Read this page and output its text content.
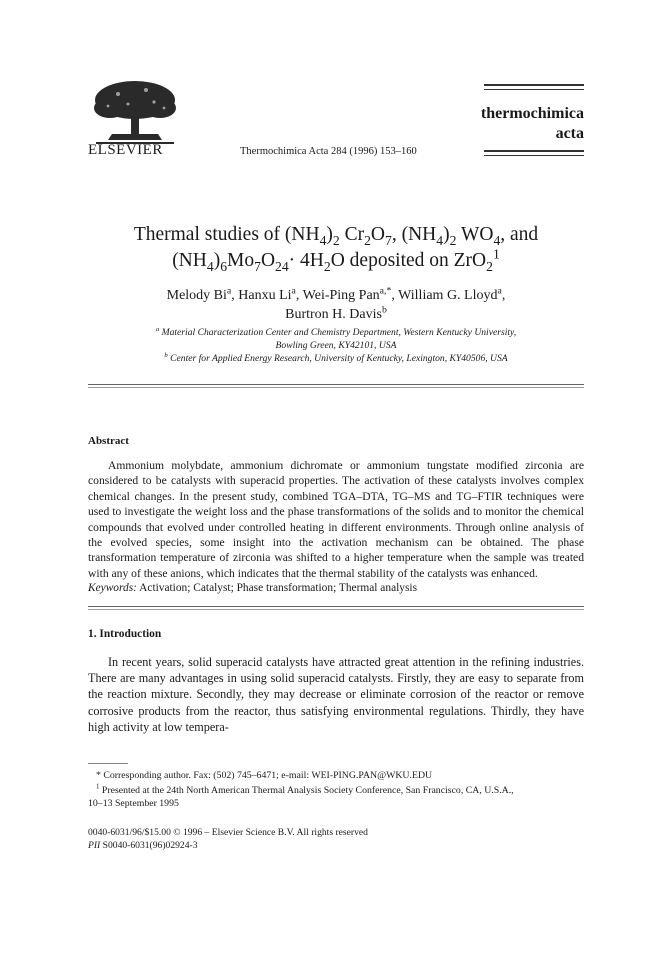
ELSEVIER	Thermochimica Acta 284 (1996) 153–160
thermochimica
acta
Thermal studies of $(NH_4)_2$ $Cr_2O_7$, $(NH_4)_2$ $WO_4$, and
$(NH_4)_6Mo_7O_{24}\cdot 4H_2O$ deposited on ZrO$_2^1$
Melody Bi$^a$, Hanxu Li$^a$, Wei-Ping Pan$^{a,*}$, William G. Lloyd$^a$,
Burtron H. Davis$^b$
$^a$ Material Characterization Center and Chemistry Department, Western Kentucky University,
Bowling Green, KY42101, USA
$^b$ Center for Applied Energy Research, University of Kentucky, Lexington, KY40506, USA
Abstract
Ammonium molybdate, ammonium dichromate or ammonium tungstate modified zirconia are considered to be catalysts with superacid properties. The activation of these catalysts involves complex chemical changes. In the present study, combined TGA–DTA, TG–MS and TG–FTIR techniques were used to investigate the weight loss and the phase transformations of the solids and to monitor the chemical compounds that evolved under controlled heating in different environments. Through online analysis of the evolved species, some insight into the activation mechanism can be obtained. The phase transformation temperature of zirconia was shifted to a higher temperature when the sample was treated with any of these anions, which indicates that the thermal stability of the catalysts was enhanced.
Keywords: Activation; Catalyst; Phase transformation; Thermal analysis
1. Introduction
In recent years, solid superacid catalysts have attracted great attention in the refining industries. There are many advantages in using solid superacid catalysts. Firstly, they are easy to separate from the reaction mixture. Secondly, they may decrease or eliminate corrosion of the reactor or remove corrosive products from the reactor, thus satisfying environmental regulations. Thirdly, they have high activity at low tempera-
* Corresponding author. Fax: (502) 745–6471; e-mail: WEI-PING.PAN@WKU.EDU
$^1$ Presented at the 24th North American Thermal Analysis Society Conference, San Francisco, CA, U.S.A.,
10–13 September 1995
0040-6031/96/$15.00 © 1996 – Elsevier Science B.V. All rights reserved
PII S0040-6031(96)02924-3
